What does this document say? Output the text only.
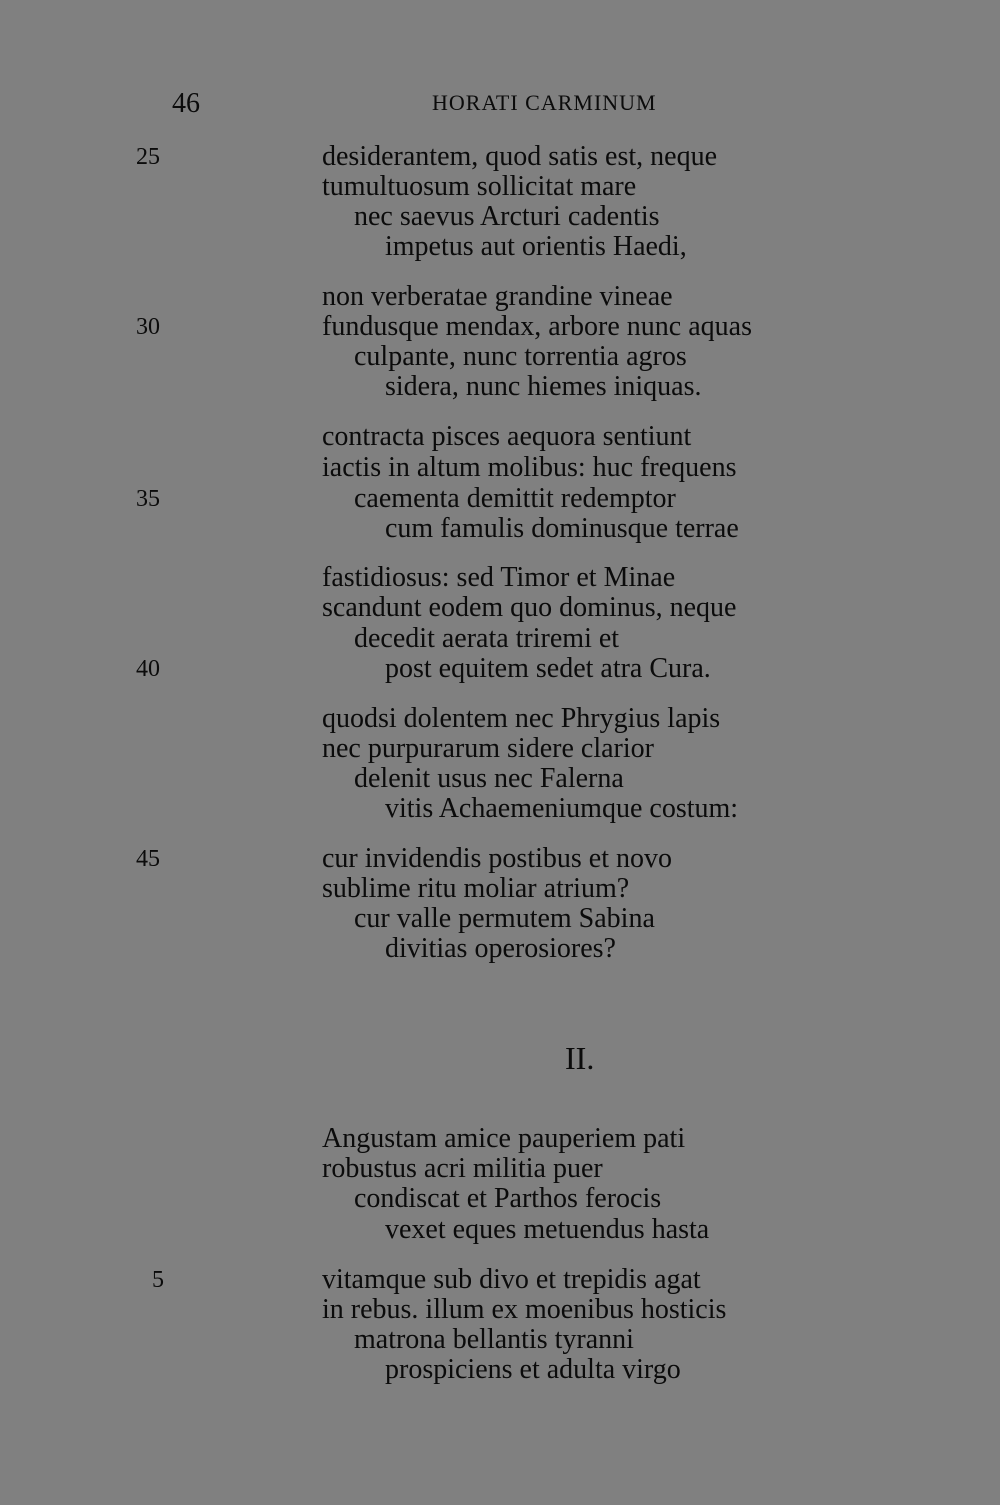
46	HORATI CARMINUM
25
30
35
40
45
desiderantem, quod satis est, neque
tumultuosum sollicitat mare
nec saevus Arcturi cadentis
impetus aut orientis Haedi,
non verberatae grandine vineae
fundusque mendax, arbore nunc aquas
culpante, nunc torrentia agros
sidera, nunc hiemes iniquas.
contracta pisces aequora sentiunt
iactis in altum molibus: huc frequens
caementa demittit redemptor
cum famulis dominusque terrae
fastidiosus: sed Timor et Minae
scandunt eodem quo dominus, neque
decedit aerata triremi et
post equitem sedet atra Cura.
quodsi dolentem nec Phrygius lapis
nec purpurarum sidere clarior
delenit usus nec Falerna
vitis Achaemeniumque costum:
cur invidendis postibus et novo
sublime ritu moliar atrium?
cur valle permutem Sabina
divitias operosiores?
II.
Angustam amice pauperiem pati
robustus acri militia puer
condiscat et Parthos ferocis
vexet eques metuendus hasta
5	vitamque sub divo et trepidis agat
in rebus. illum ex moenibus hosticis
matrona bellantis tyranni
prospiciens et adulta virgo
